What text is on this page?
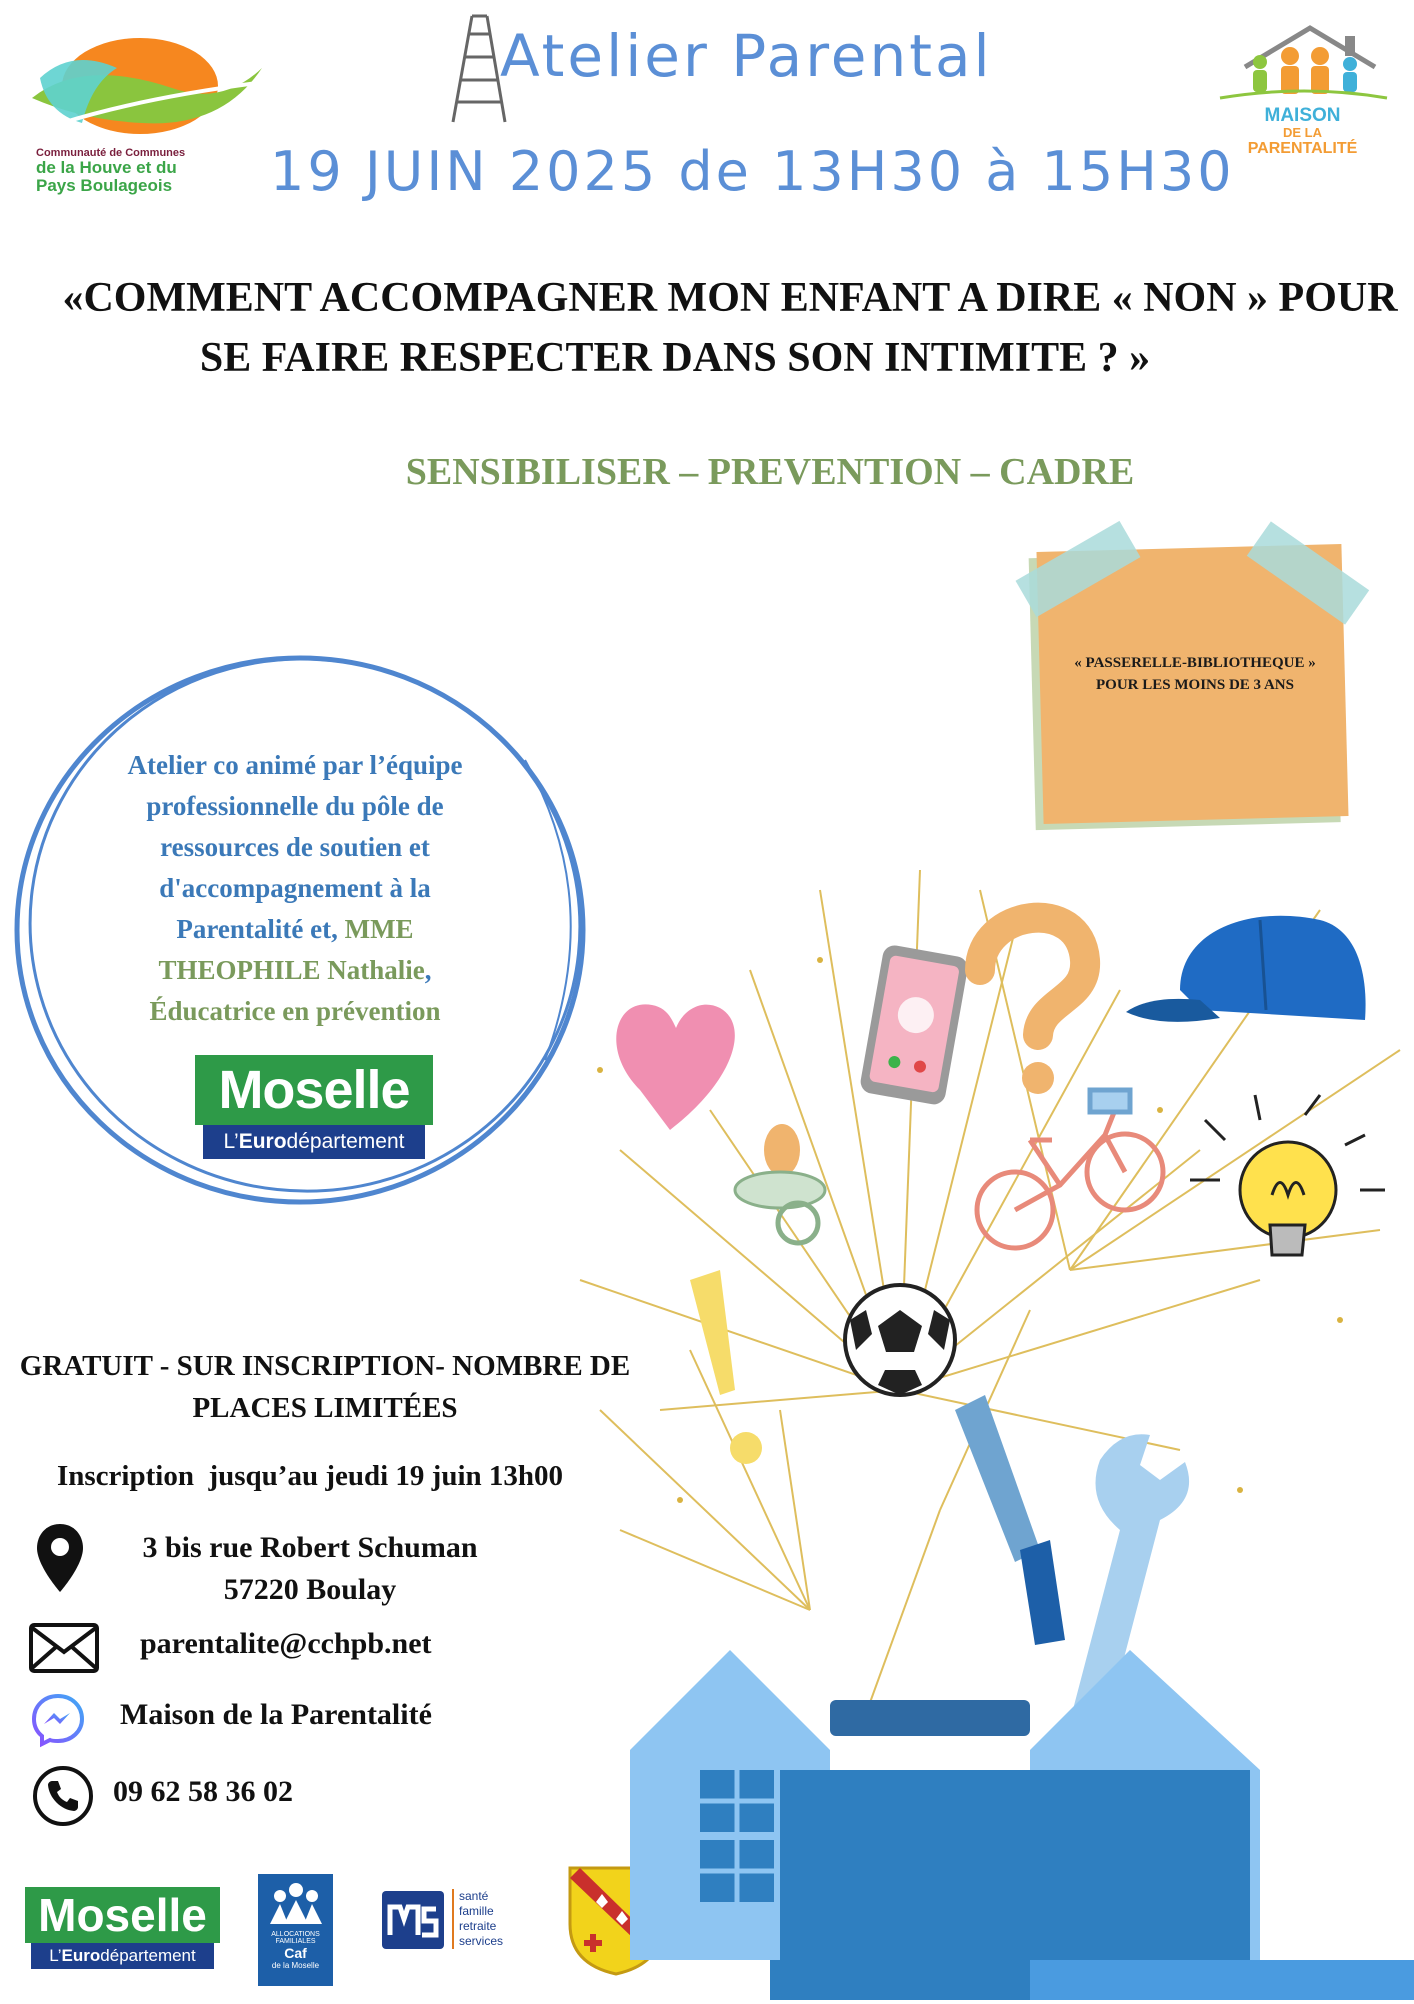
Communauté de Communes
de la Houve et du
Pays Boulageois
Atelier Parental
19 JUIN 2025 de 13H30 à 15H30
MAISON
DE LA
PARENTALITÉ
«COMMENT ACCOMPAGNER MON ENFANT A DIRE « NON » POUR
SE FAIRE RESPECTER DANS SON INTIMITE ? »
SENSIBILISER – PREVENTION – CADRE
« PASSERELLE-BIBLIOTHEQUE »
POUR LES MOINS DE 3 ANS
Atelier co animé par l’équipe
professionnelle du pôle de
ressources de soutien et
d'accompagnement à la
Parentalité et, MME
THEOPHILE Nathalie,
Éducatrice en prévention
Moselle
L’Eurodépartement
GRATUIT - SUR INSCRIPTION- NOMBRE DE
PLACES LIMITÉES
Inscription  jusqu’au jeudi 19 juin 13h00
3 bis rue Robert Schuman
57220 Boulay
parentalite@cchpb.net
Maison de la Parentalité
09 62 58 36 02
Moselle
L’Eurodépartement
ALLOCATIONS
FAMILIALES
Caf
de la Moselle
santé
famille
retraite
services
